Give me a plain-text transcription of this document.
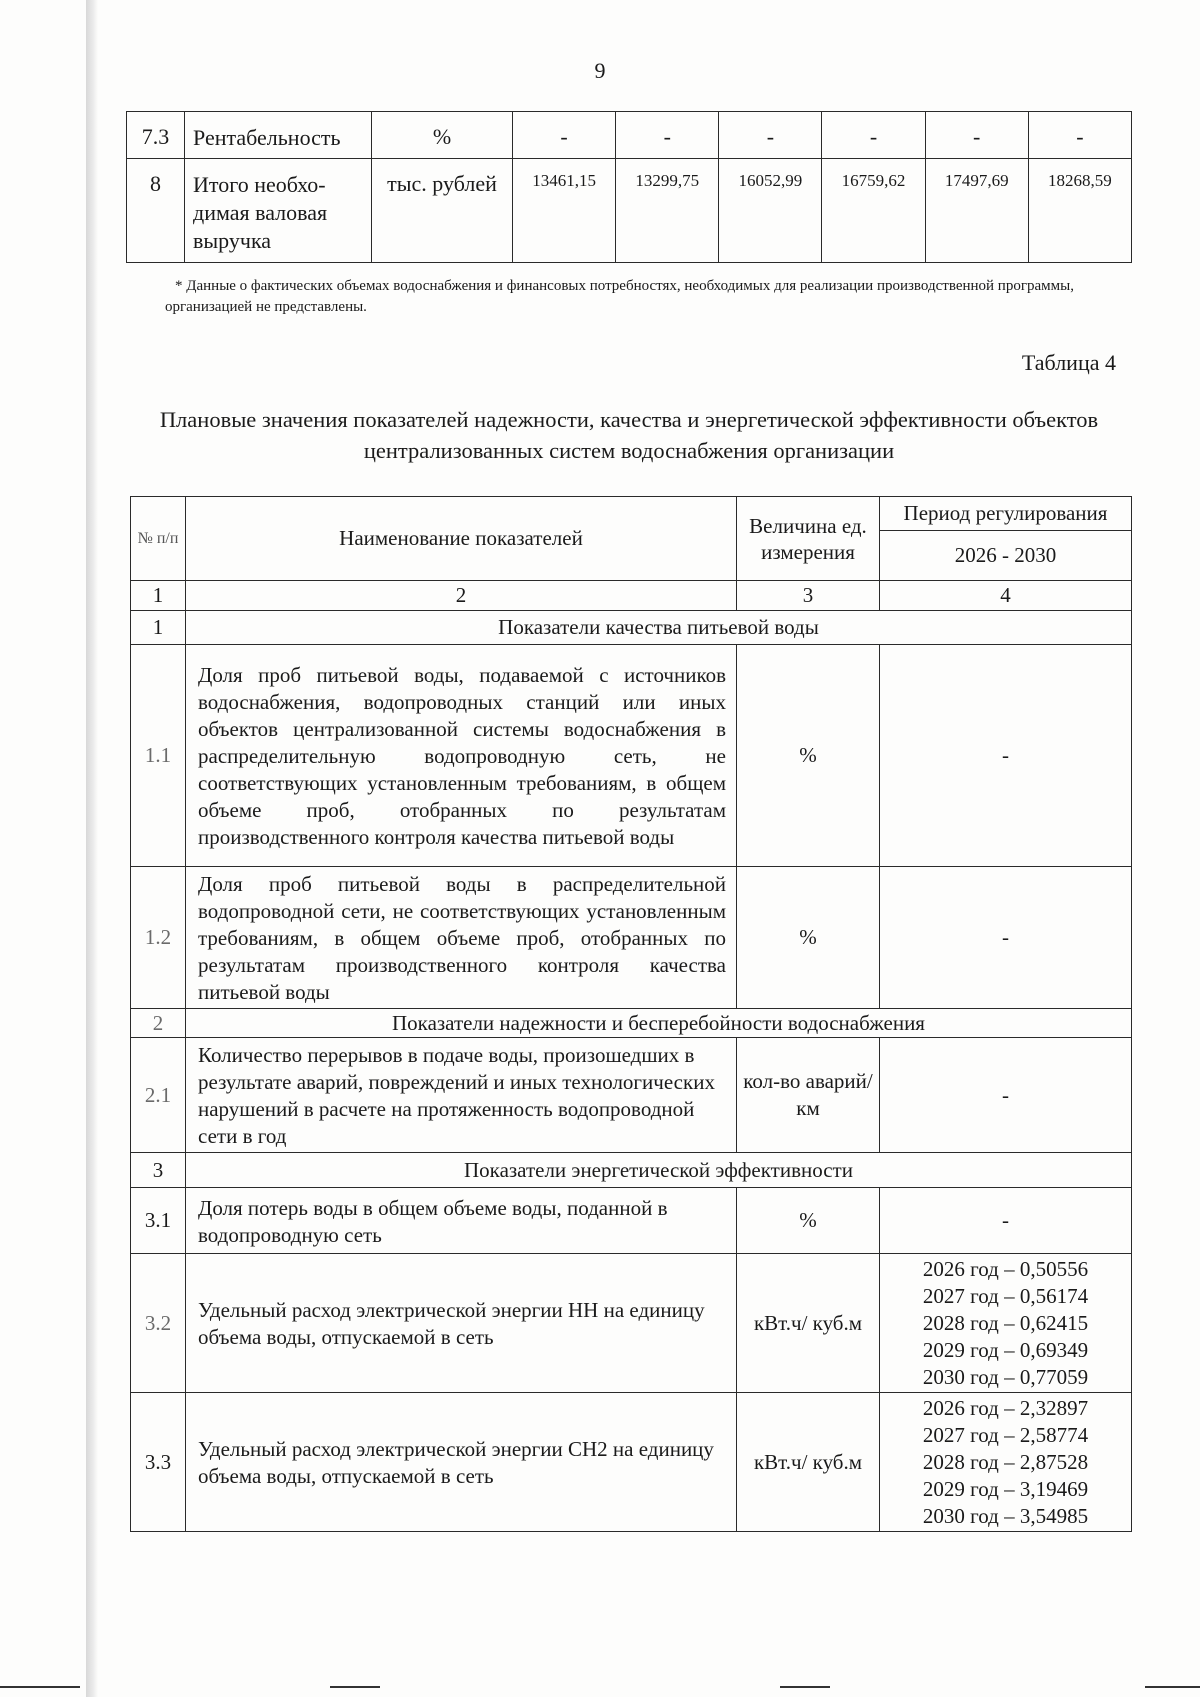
9
7.3	Рентабельность	%	-	-	-	-	-	-
8	Итого необхо-димая валовая выручка	тыс. рублей	13461,15	13299,75	16052,99	16759,62	17497,69	18268,59
* Данные о фактических объемах водоснабжения и финансовых потребностях, необходимых для реализации производственной программы, организацией не представлены.
Таблица 4
Плановые значения показателей надежности, качества и энергетической эффективности объектов централизованных систем водоснабжения организации
№ п/п	Наименование показателей	Величина ед. измерения	Период регулирования
			2026 - 2030
1	2	3	4
1	Показатели качества питьевой воды		
1.1	Доля проб питьевой воды, подаваемой с источников водоснабжения, водопроводных станций или иных объектов централизованной системы водоснабжения в распределительную водопроводную сеть, не соответствующих установленным требованиям, в общем объеме проб, отобранных по результатам производственного контроля качества питьевой воды	%	-
1.2	Доля проб питьевой воды в распределительной водопроводной сети, не соответствующих установленным требованиям, в общем объеме проб, отобранных по результатам производственного контроля качества питьевой воды	%	-
2	Показатели надежности и бесперебойности водоснабжения		
2.1	Количество перерывов в подаче воды, произошедших в результате аварий, повреждений и иных технологических нарушений в расчете на протяженность водопроводной сети в год	кол-во аварий/км	-
3	Показатели энергетической эффективности		
3.1	Доля потерь воды в общем объеме воды, поданной в водопроводную сеть	%	-
3.2	Удельный расход электрической энергии НН на единицу объема воды, отпускаемой в сеть	кВт.ч/ куб.м	2026 год – 0,50556
2027 год – 0,56174
2028 год – 0,62415
2029 год – 0,69349
2030 год – 0,77059

3.3	Удельный расход электрической энергии СН2 на единицу объема воды, отпускаемой в сеть	кВт.ч/ куб.м	2026 год – 2,32897
2027 год – 2,58774
2028 год – 2,87528
2029 год – 3,19469
2030 год – 3,54985
